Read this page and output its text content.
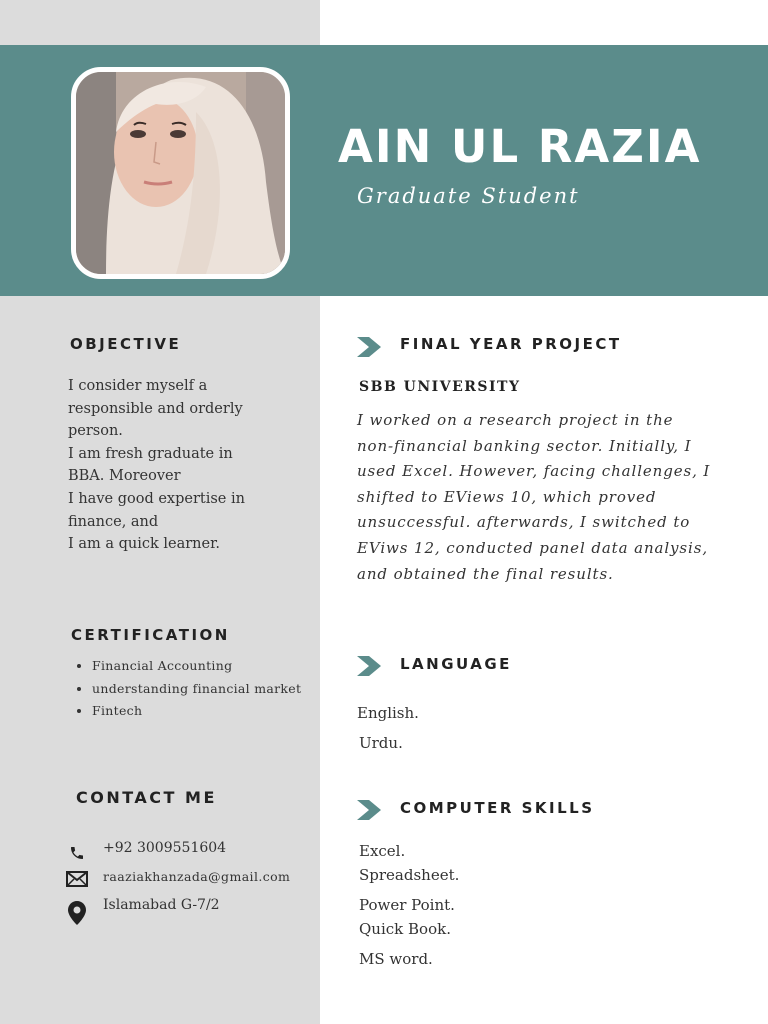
AIN UL RAZIA
Graduate Student
OBJECTIVE
I consider myself a
responsible and orderly
person.
I am fresh graduate in
BBA. Moreover
I have good expertise in
finance, and
I am a quick learner.
CERTIFICATION
• Financial Accounting
• understanding financial market
• Fintech
CONTACT ME
+92 3009551604
raaziakhanzada@gmail.com
Islamabad G-7/2
FINAL YEAR PROJECT
SBB UNIVERSITY
I worked on a research project in the
non-financial banking sector. Initially, I
used Excel. However, facing challenges, I
shifted to EViews 10, which proved
unsuccessful. afterwards, I switched to
EViws 12, conducted panel data analysis,
and obtained the final results.
LANGUAGE
English.
Urdu.
COMPUTER SKILLS
Excel.
Spreadsheet.
Power Point.
Quick Book.
MS word.
